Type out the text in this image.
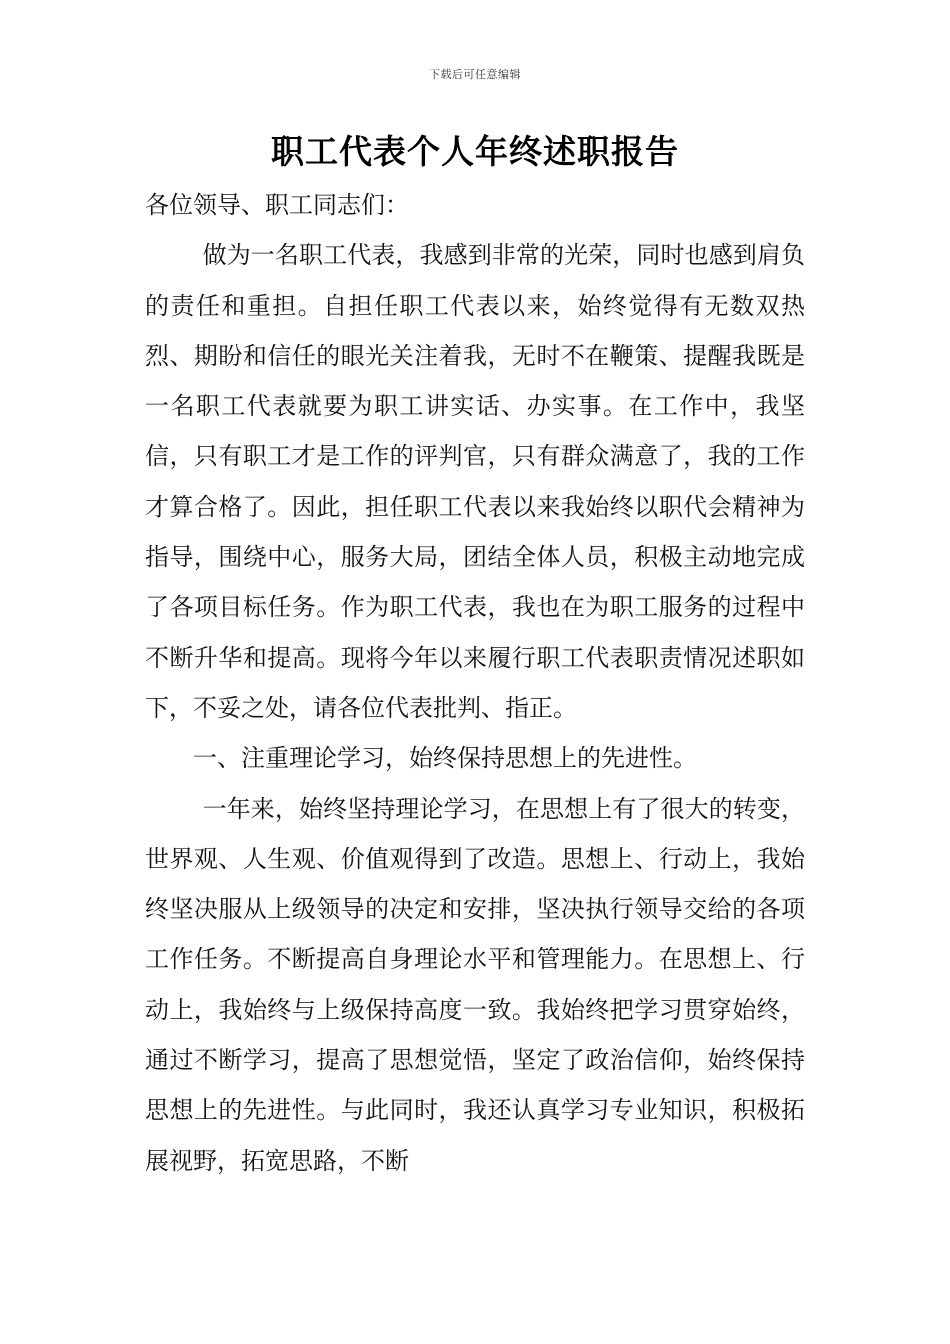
下载后可任意编辑
职工代表个人年终述职报告

各位领导、职工同志们：

做为一名职工代表，我感到非常的光荣，同时也感到肩负的责任和重担。自担任职工代表以来，始终觉得有无数双热烈、期盼和信任的眼光关注着我，无时不在鞭策、提醒我既是一名职工代表就要为职工讲实话、办实事。在工作中，我坚信，只有职工才是工作的评判官，只有群众满意了，我的工作才算合格了。因此，担任职工代表以来我始终以职代会精神为指导，围绕中心，服务大局，团结全体人员，积极主动地完成了各项目标任务。作为职工代表，我也在为职工服务的过程中不断升华和提高。现将今年以来履行职工代表职责情况述职如下，不妥之处，请各位代表批判、指正。

一、注重理论学习，始终保持思想上的先进性。

一年来，始终坚持理论学习，在思想上有了很大的转变，世界观、人生观、价值观得到了改造。思想上、行动上，我始终坚决服从上级领导的决定和安排，坚决执行领导交给的各项工作任务。不断提高自身理论水平和管理能力。在思想上、行动上，我始终与上级保持高度一致。我始终把学习贯穿始终，通过不断学习，提高了思想觉悟，坚定了政治信仰，始终保持思想上的先进性。与此同时，我还认真学习专业知识，积极拓展视野，拓宽思路，不断
